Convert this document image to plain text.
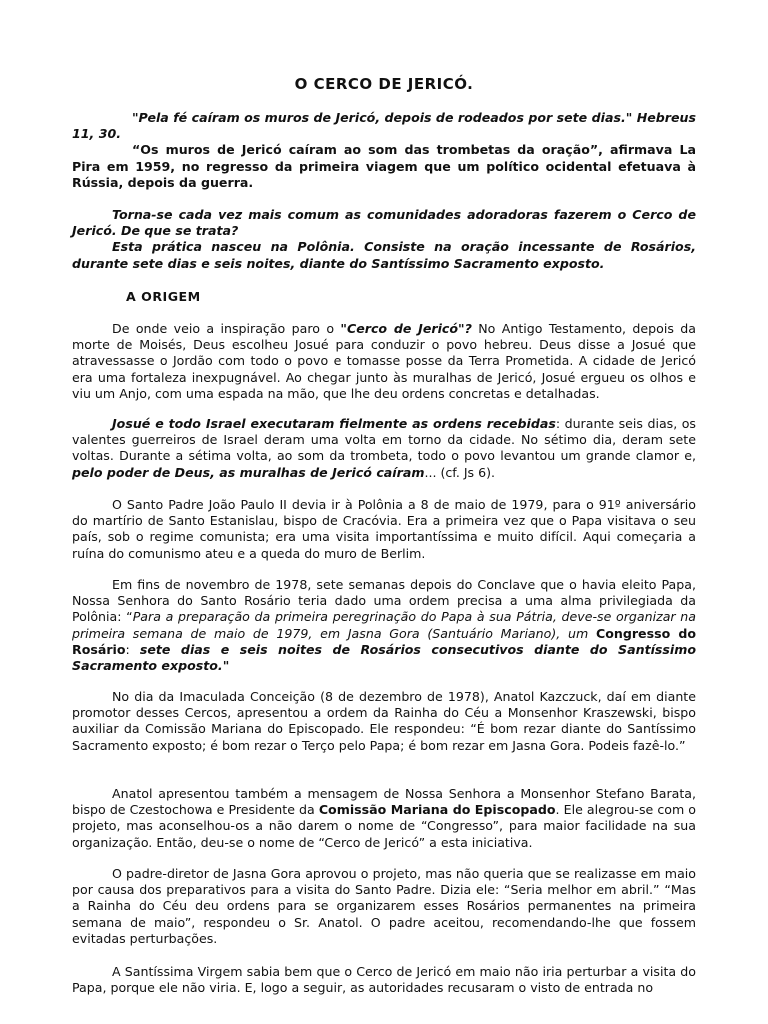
O CERCO DE JERICÓ.

"Pela fé caíram os muros de Jericó, depois de rodeados por sete dias." Hebreus 11, 30.

“Os muros de Jericó caíram ao som das trombetas da oração”, afirmava La Pira em 1959, no regresso da primeira viagem que um político ocidental efetuava à Rússia, depois da guerra.

Torna-se cada vez mais comum as comunidades adoradoras fazerem o Cerco de Jericó. De que se trata?

Esta prática nasceu na Polônia. Consiste na oração incessante de Rosários, durante sete dias e seis noites, diante do Santíssimo Sacramento exposto.

A ORIGEM

De onde veio a inspiração paro o "Cerco de Jericó"? No Antigo Testamento, depois da morte de Moisés, Deus escolheu Josué para conduzir o povo hebreu. Deus disse a Josué que atravessasse o Jordão com todo o povo e tomasse posse da Terra Prometida. A cidade de Jericó era uma fortaleza inexpugnável. Ao chegar junto às muralhas de Jericó, Josué ergueu os olhos e viu um Anjo, com uma espada na mão, que lhe deu ordens concretas e detalhadas.

Josué e todo Israel executaram fielmente as ordens recebidas: durante seis dias, os valentes guerreiros de Israel deram uma volta em torno da cidade. No sétimo dia, deram sete voltas. Durante a sétima volta, ao som da trombeta, todo o povo levantou um grande clamor e, pelo poder de Deus, as muralhas de Jericó caíram... (cf. Js 6).

O Santo Padre João Paulo II devia ir à Polônia a 8 de maio de 1979, para o 91º aniversário do martírio de Santo Estanislau, bispo de Cracóvia. Era a primeira vez que o Papa visitava o seu país, sob o regime comunista; era uma visita importantíssima e muito difícil. Aqui começaria a ruína do comunismo ateu e a queda do muro de Berlim.

Em fins de novembro de 1978, sete semanas depois do Conclave que o havia eleito Papa, Nossa Senhora do Santo Rosário teria dado uma ordem precisa a uma alma privilegiada da Polônia: “Para a preparação da primeira peregrinação do Papa à sua Pátria, deve-se organizar na primeira semana de maio de 1979, em Jasna Gora (Santuário Mariano), um Congresso do Rosário: sete dias e seis noites de Rosários consecutivos diante do Santíssimo Sacramento exposto."

No dia da Imaculada Conceição (8 de dezembro de 1978), Anatol Kazczuck, daí em diante promotor desses Cercos, apresentou a ordem da Rainha do Céu a Monsenhor Kraszewski, bispo auxiliar da Comissão Mariana do Episcopado. Ele respondeu: “É bom rezar diante do Santíssimo Sacramento exposto; é bom rezar o Terço pelo Papa; é bom rezar em Jasna Gora. Podeis fazê-lo.”

Anatol apresentou também a mensagem de Nossa Senhora a Monsenhor Stefano Barata, bispo de Czestochowa e Presidente da Comissão Mariana do Episcopado. Ele alegrou-se com o projeto, mas aconselhou-os a não darem o nome de “Congresso”, para maior facilidade na sua organização. Então, deu-se o nome de “Cerco de Jericó” a esta iniciativa.

O padre-diretor de Jasna Gora aprovou o projeto, mas não queria que se realizasse em maio por causa dos preparativos para a visita do Santo Padre. Dizia ele: “Seria melhor em abril.” “Mas a Rainha do Céu deu ordens para se organizarem esses Rosários permanentes na primeira semana de maio”, respondeu o Sr. Anatol. O padre aceitou, recomendando-lhe que fossem evitadas perturbações.

A Santíssima Virgem sabia bem que o Cerco de Jericó em maio não iria perturbar a visita do Papa, porque ele não viria. E, logo a seguir, as autoridades recusaram o visto de entrada no
